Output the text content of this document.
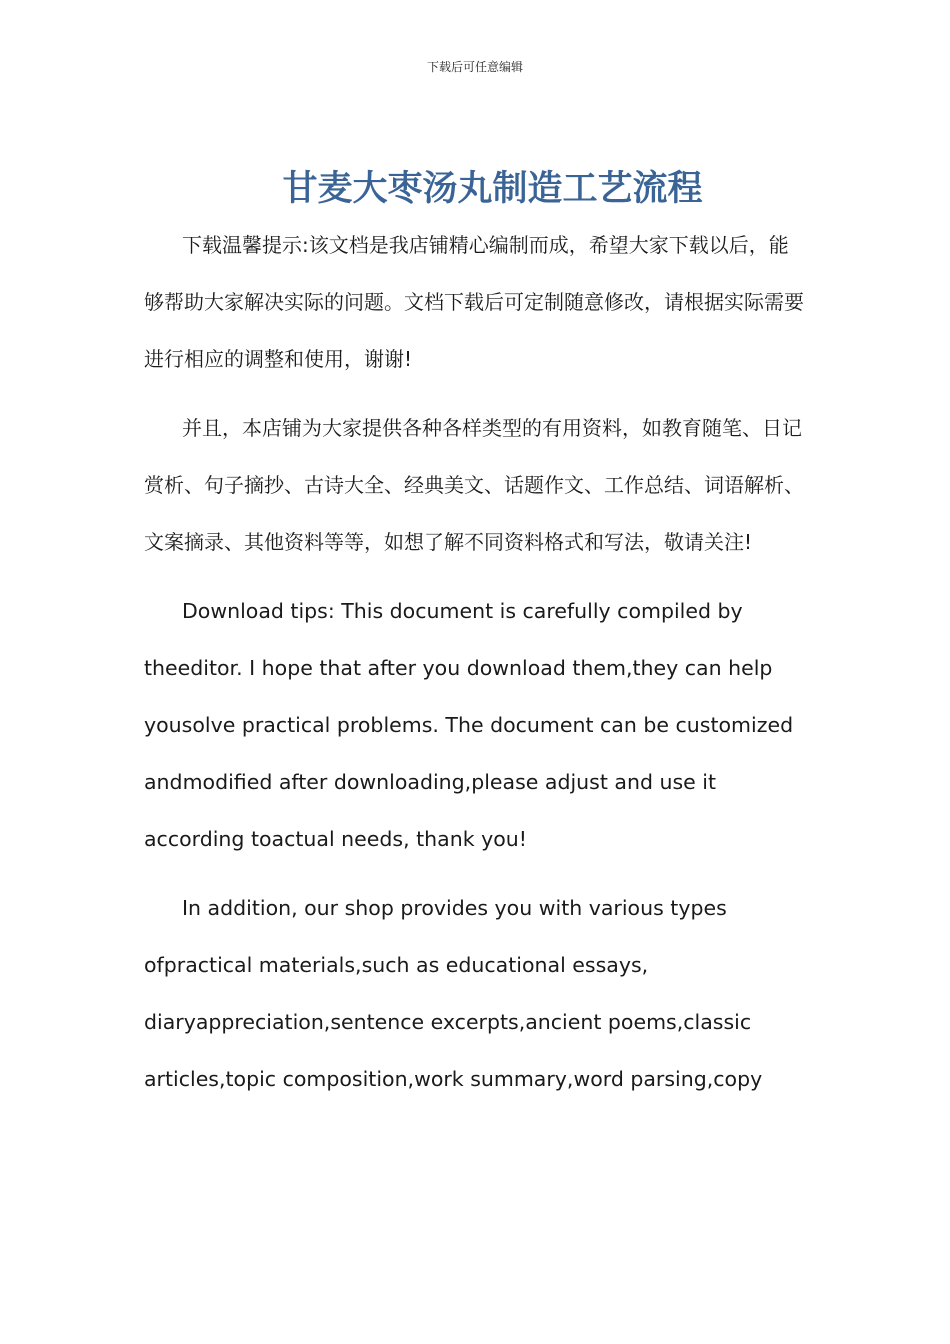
下载后可任意编辑
甘麦大枣汤丸制造工艺流程

下载温馨提示:该文档是我店铺精心编制而成，希望大家下载以后，能够帮助大家解决实际的问题。文档下载后可定制随意修改，请根据实际需要进行相应的调整和使用，谢谢!

并且，本店铺为大家提供各种各样类型的有用资料，如教育随笔、日记赏析、句子摘抄、古诗大全、经典美文、话题作文、工作总结、词语解析、文案摘录、其他资料等等，如想了解不同资料格式和写法，敬请关注!

Download tips: This document is carefully compiled by theeditor. I hope that after you download them,they can help yousolve practical problems. The document can be customized andmodified after downloading,please adjust and use it according toactual needs, thank you!

In addition, our shop provides you with various types ofpractical materials,such as educational essays, diaryappreciation,sentence excerpts,ancient poems,classic articles,topic composition,work summary,word parsing,copy
